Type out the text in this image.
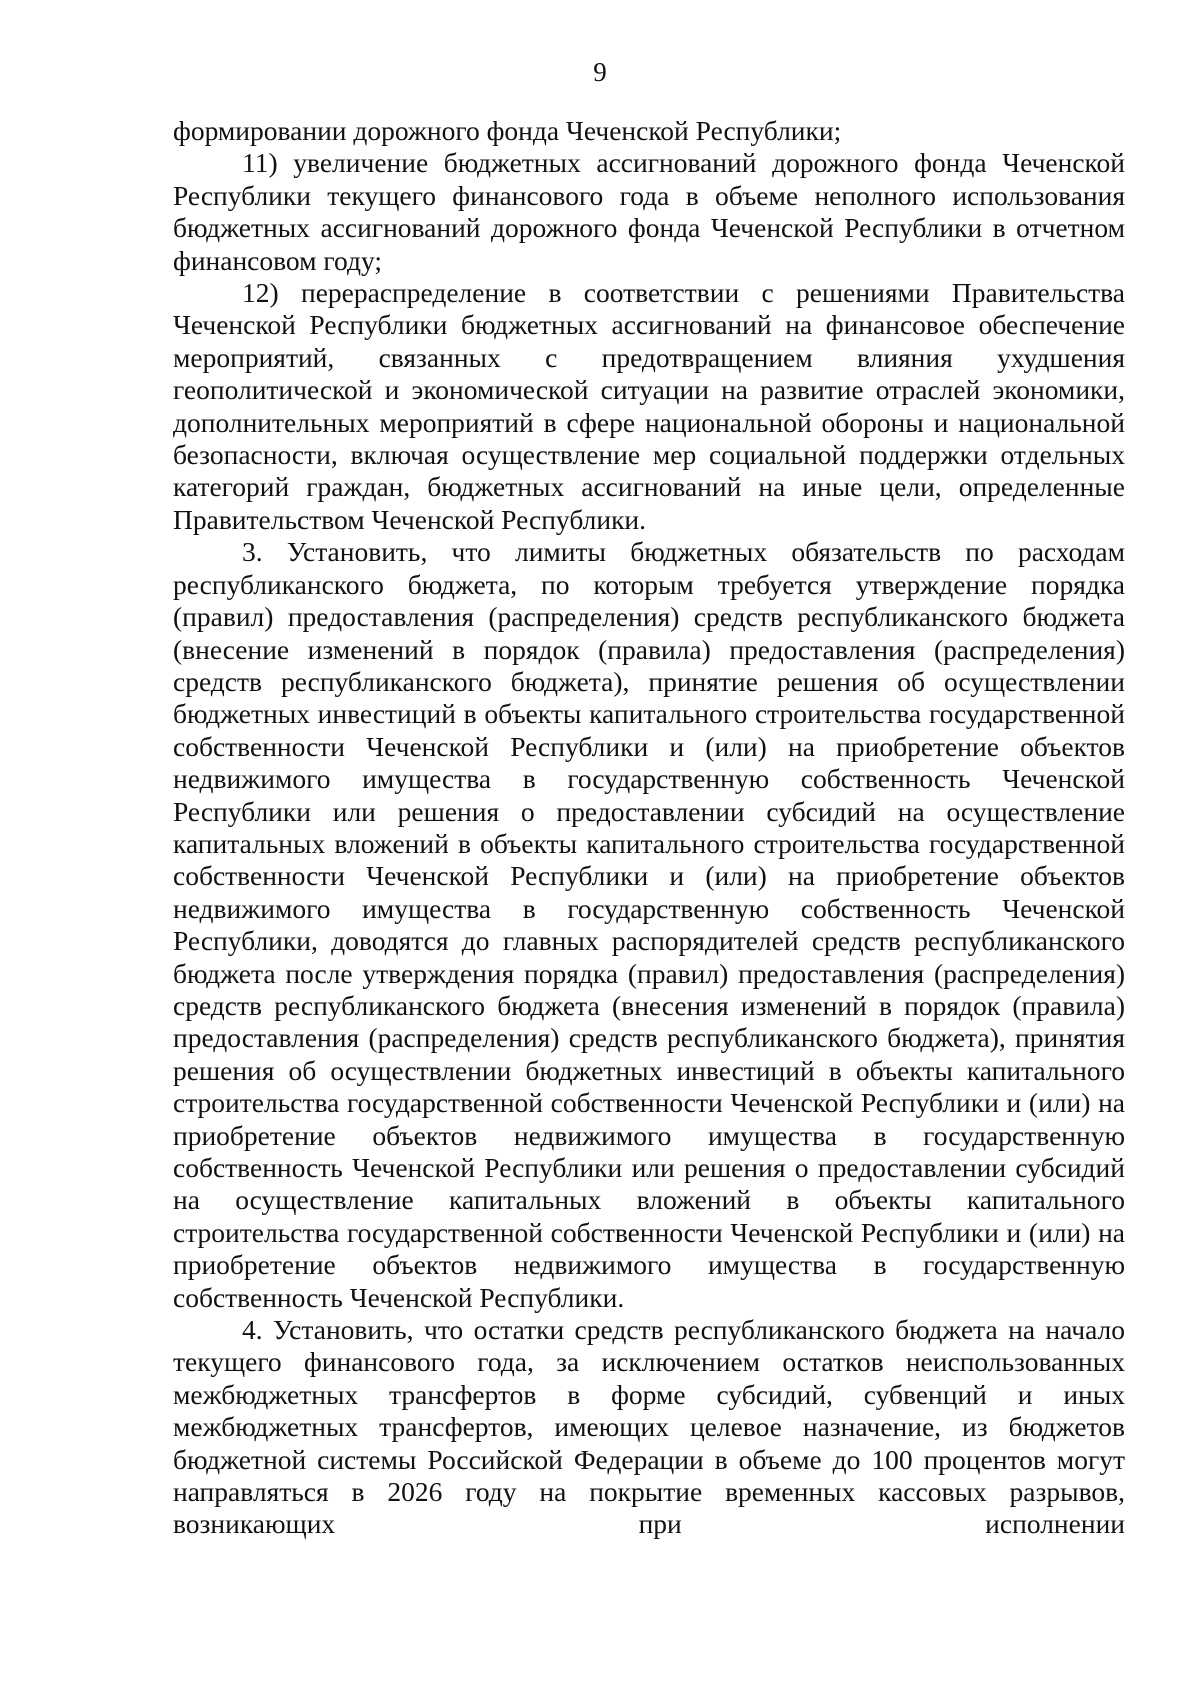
9

формировании дорожного фонда Чеченской Республики;

11) увеличение бюджетных ассигнований дорожного фонда Чеченской Республики текущего финансового года в объеме неполного использования бюджетных ассигнований дорожного фонда Чеченской Республики в отчетном финансовом году;

12) перераспределение в соответствии с решениями Правительства Чеченской Республики бюджетных ассигнований на финансовое обеспечение мероприятий, связанных с предотвращением влияния ухудшения геополитической и экономической ситуации на развитие отраслей экономики, дополнительных мероприятий в сфере национальной обороны и национальной безопасности, включая осуществление мер социальной поддержки отдельных категорий граждан, бюджетных ассигнований на иные цели, определенные Правительством Чеченской Республики.

3. Установить, что лимиты бюджетных обязательств по расходам республиканского бюджета, по которым требуется утверждение порядка (правил) предоставления (распределения) средств республиканского бюджета (внесение изменений в порядок (правила) предоставления (распределения) средств республиканского бюджета), принятие решения об осуществлении бюджетных инвестиций в объекты капитального строительства государственной собственности Чеченской Республики и (или) на приобретение объектов недвижимого имущества в государственную собственность Чеченской Республики или решения о предоставлении субсидий на осуществление капитальных вложений в объекты капитального строительства государственной собственности Чеченской Республики и (или) на приобретение объектов недвижимого имущества в государственную собственность Чеченской Республики, доводятся до главных распорядителей средств республиканского бюджета после утверждения порядка (правил) предоставления (распределения) средств республиканского бюджета (внесения изменений в порядок (правила) предоставления (распределения) средств республиканского бюджета), принятия решения об осуществлении бюджетных инвестиций в объекты капитального строительства государственной собственности Чеченской Республики и (или) на приобретение объектов недвижимого имущества в государственную собственность Чеченской Республики или решения о предоставлении субсидий на осуществление капитальных вложений в объекты капитального строительства государственной собственности Чеченской Республики и (или) на приобретение объектов недвижимого имущества в государственную собственность Чеченской Республики.

4. Установить, что остатки средств республиканского бюджета на начало текущего финансового года, за исключением остатков неиспользованных межбюджетных трансфертов в форме субсидий, субвенций и иных межбюджетных трансфертов, имеющих целевое назначение, из бюджетов бюджетной системы Российской Федерации в объеме до 100 процентов могут направляться в 2026 году на покрытие временных кассовых разрывов, возникающих при исполнении
